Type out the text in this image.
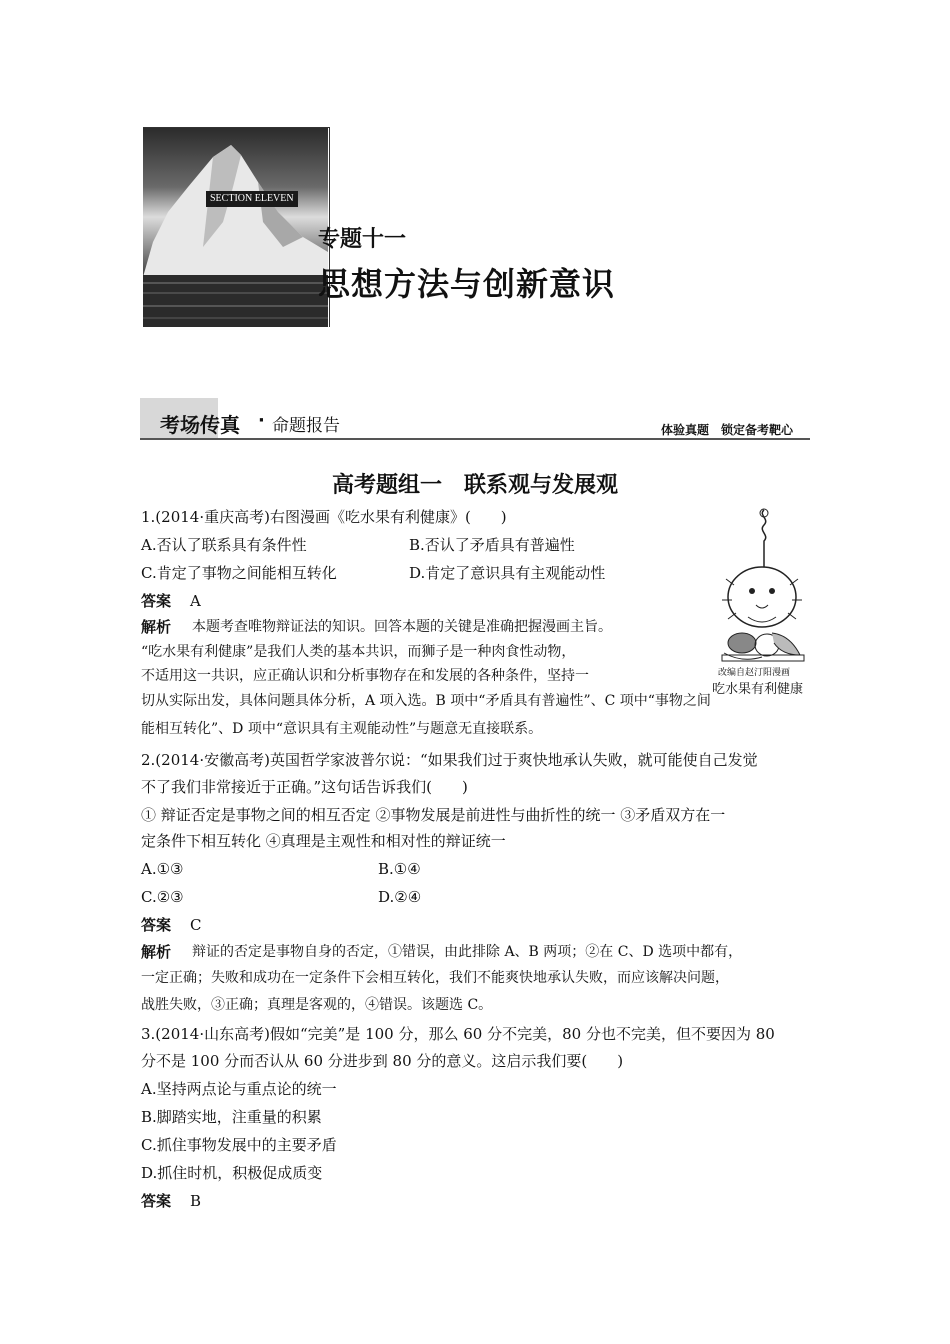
SECTION ELEVEN
专题十一
思想方法与创新意识
考场传真 · 命题报告	体验真题　锁定备考靶心
高考题组一　联系观与发展观
改编自赵汀阳漫画
吃水果有利健康
1.(2014·重庆高考)右图漫画《吃水果有利健康》(　　)
A.否认了联系具有条件性	B.否认了矛盾具有普遍性
C.肯定了事物之间能相互转化	D.肯定了意识具有主观能动性
答案 A
解析 本题考查唯物辩证法的知识。回答本题的关键是准确把握漫画主旨。
“吃水果有利健康”是我们人类的基本共识，而狮子是一种肉食性动物，
不适用这一共识，应正确认识和分析事物存在和发展的各种条件，坚持一
切从实际出发，具体问题具体分析，A 项入选。B 项中“矛盾具有普遍性”、C 项中“事物之间
能相互转化”、D 项中“意识具有主观能动性”与题意无直接联系。
2.(2014·安徽高考)英国哲学家波普尔说：“如果我们过于爽快地承认失败，就可能使自己发觉
不了我们非常接近于正确。”这句话告诉我们(　　)
① 辩证否定是事物之间的相互否定 ②事物发展是前进性与曲折性的统一 ③矛盾双方在一
定条件下相互转化 ④真理是主观性和相对性的辩证统一
A.①③	B.①④
C.②③	D.②④
答案 C
解析 辩证的否定是事物自身的否定，①错误，由此排除 A、B 两项；②在 C、D 选项中都有，
一定正确；失败和成功在一定条件下会相互转化，我们不能爽快地承认失败，而应该解决问题，
战胜失败，③正确；真理是客观的，④错误。该题选 C。
3.(2014·山东高考)假如“完美”是 100 分，那么 60 分不完美，80 分也不完美，但不要因为 80
分不是 100 分而否认从 60 分进步到 80 分的意义。这启示我们要(　　)
A.坚持两点论与重点论的统一
B.脚踏实地，注重量的积累
C.抓住事物发展中的主要矛盾
D.抓住时机，积极促成质变
答案 B
